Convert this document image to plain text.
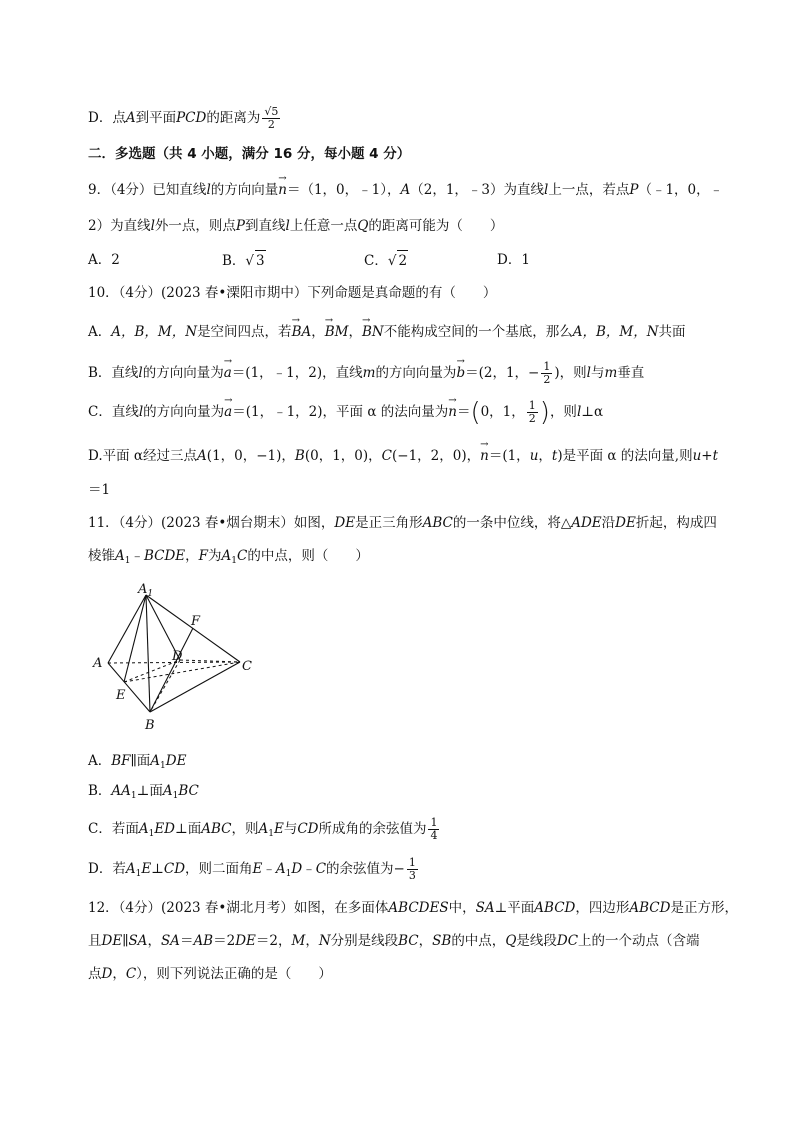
D．点A到平面PCD的距离为 $\frac{√5}{2}$
二．多选题（共 4 小题，满分 16 分，每小题 4 分）
9．（4分）已知直线l的方向向量→ n＝（1，0，﹣1），A（2，1，﹣3）为直线l上一点，若点P（﹣1，0，﹣
2）为直线l外一点，则点P到直线l上任意一点Q的距离可能为（　　）
A．2	B．√ 3	C．√ 2	D．1
10．（4分）(2023 春•溧阳市期中）下列命题是真命题的有（　　）
A．A，B，M，N是空间四点，若→ BA，→ BM，→ BN不能构成空间的一个基底，那么A，B，M，N共面
B．直线l的方向向量为→ a＝(1，﹣1，2)，直线m的方向向量为→ b＝(2，1，− $\frac{1}{2}$ )，则l与m垂直
C．直线l的方向向量为→ a＝(1，﹣1，2)，平面 α 的法向量为→ n＝(0，1， $\frac{1}{2}$ )，则l⊥α
D.平面 α经过三点A(1，0，−1)，B(0，1，0)，C(−1，2，0)，→ n＝(1，u，t)是平面 α 的法向量,则u+t
＝1
11．（4分）(2023 春•烟台期末）如图，DE是正三角形ABC的一条中位线，将△ADE沿DE折起，构成四
棱锥$A_1﹣BCDE$，F为$A_1C$的中点，则（　　）
$A_1$
F
A	D
C
E
B
A．BF∥面$A_1DE$
B．$AA_1\perp$面$A_1BC$
C．若面$A_1ED\perp$面ABC，则$A_1E$与CD所成角的余弦值为 $\frac{1}{4}$
D．若$A_1E\perp CD$，则二面角$E﹣A_1D﹣C$的余弦值为− $\frac{1}{3}$
12．（4分）(2023 春•湖北月考）如图，在多面体ABCDES中，SA⊥平面ABCD，四边形ABCD是正方形，
且DE∥SA，SA＝AB＝2DE＝2，M，N分别是线段BC，SB的中点，Q是线段DC上的一个动点（含端
点D，C），则下列说法正确的是（　　）
